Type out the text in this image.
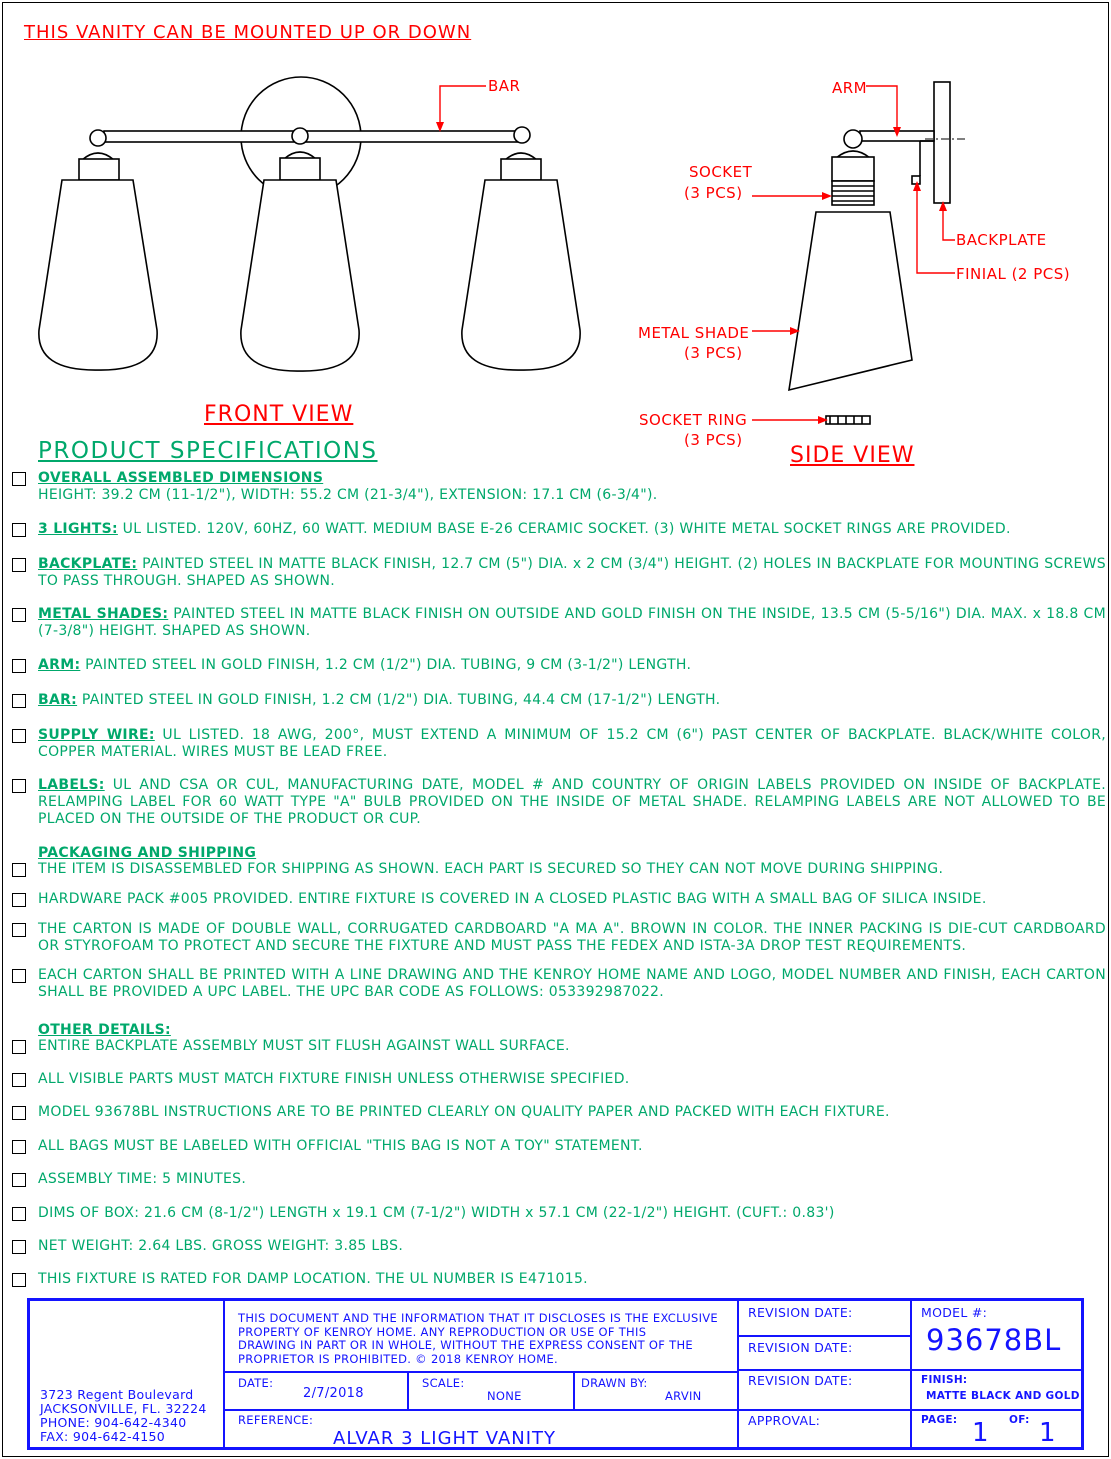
THIS VANITY CAN BE MOUNTED UP OR DOWN
BAR	ARM
SOCKET
(3 PCS)
BACKPLATE
FINIAL (2 PCS)
METAL SHADE
(3 PCS)
SOCKET RING
(3 PCS)
FRONT VIEW
SIDE VIEW
PRODUCT SPECIFICATIONS
OVERALL ASSEMBLED DIMENSIONS
HEIGHT: 39.2 CM (11-1/2"), WIDTH: 55.2 CM (21-3/4"), EXTENSION: 17.1 CM (6-3/4").
3 LIGHTS: UL LISTED. 120V, 60HZ, 60 WATT. MEDIUM BASE E-26 CERAMIC SOCKET. (3) WHITE METAL SOCKET RINGS ARE PROVIDED.
BACKPLATE: PAINTED STEEL IN MATTE BLACK FINISH, 12.7 CM (5") DIA. x 2 CM (3/4") HEIGHT. (2) HOLES IN BACKPLATE FOR MOUNTING SCREWS TO PASS THROUGH. SHAPED AS SHOWN.
METAL SHADES: PAINTED STEEL IN MATTE BLACK FINISH ON OUTSIDE AND GOLD FINISH ON THE INSIDE, 13.5 CM (5-5/16") DIA. MAX. x 18.8 CM (7-3/8") HEIGHT. SHAPED AS SHOWN.
ARM: PAINTED STEEL IN GOLD FINISH, 1.2 CM (1/2") DIA. TUBING, 9 CM (3-1/2") LENGTH.
BAR: PAINTED STEEL IN GOLD FINISH, 1.2 CM (1/2") DIA. TUBING, 44.4 CM (17-1/2") LENGTH.
SUPPLY WIRE: UL LISTED. 18 AWG, 200°, MUST EXTEND A MINIMUM OF 15.2 CM (6") PAST CENTER OF BACKPLATE. BLACK/WHITE COLOR, COPPER MATERIAL. WIRES MUST BE LEAD FREE.
LABELS: UL AND CSA OR CUL, MANUFACTURING DATE, MODEL # AND COUNTRY OF ORIGIN LABELS PROVIDED ON INSIDE OF BACKPLATE. RELAMPING LABEL FOR 60 WATT TYPE "A" BULB PROVIDED ON THE INSIDE OF METAL SHADE. RELAMPING LABELS ARE NOT ALLOWED TO BE PLACED ON THE OUTSIDE OF THE PRODUCT OR CUP.
PACKAGING AND SHIPPING
THE ITEM IS DISASSEMBLED FOR SHIPPING AS SHOWN. EACH PART IS SECURED SO THEY CAN NOT MOVE DURING SHIPPING.
HARDWARE PACK #005 PROVIDED. ENTIRE FIXTURE IS COVERED IN A CLOSED PLASTIC BAG WITH A SMALL BAG OF SILICA INSIDE.
THE CARTON IS MADE OF DOUBLE WALL, CORRUGATED CARDBOARD "A MA A". BROWN IN COLOR. THE INNER PACKING IS DIE-CUT CARDBOARD OR STYROFOAM TO PROTECT AND SECURE THE FIXTURE AND MUST PASS THE FEDEX AND ISTA-3A DROP TEST REQUIREMENTS.
EACH CARTON SHALL BE PRINTED WITH A LINE DRAWING AND THE KENROY HOME NAME AND LOGO, MODEL NUMBER AND FINISH, EACH CARTON SHALL BE PROVIDED A UPC LABEL. THE UPC BAR CODE AS FOLLOWS: 053392987022.
OTHER DETAILS:
ENTIRE BACKPLATE ASSEMBLY MUST SIT FLUSH AGAINST WALL SURFACE.
ALL VISIBLE PARTS MUST MATCH FIXTURE FINISH UNLESS OTHERWISE SPECIFIED.
MODEL 93678BL INSTRUCTIONS ARE TO BE PRINTED CLEARLY ON QUALITY PAPER AND PACKED WITH EACH FIXTURE.
ALL BAGS MUST BE LABELED WITH OFFICIAL "THIS BAG IS NOT A TOY" STATEMENT.
ASSEMBLY TIME: 5 MINUTES.
DIMS OF BOX: 21.6 CM (8-1/2") LENGTH x 19.1 CM (7-1/2") WIDTH x 57.1 CM (22-1/2") HEIGHT. (CUFT.: 0.83')
NET WEIGHT: 2.64 LBS. GROSS WEIGHT: 3.85 LBS.
THIS FIXTURE IS RATED FOR DAMP LOCATION. THE UL NUMBER IS E471015.
3723 Regent Boulevard
JACKSONVILLE, FL. 32224
PHONE: 904-642-4340
FAX: 904-642-4150
THIS DOCUMENT AND THE INFORMATION THAT IT DISCLOSES IS THE EXCLUSIVE
PROPERTY OF KENROY HOME. ANY REPRODUCTION OR USE OF THIS
DRAWING IN PART OR IN WHOLE, WITHOUT THE EXPRESS CONSENT OF THE
PROPRIETOR IS PROHIBITED. © 2018 KENROY HOME.
DATE:
2/7/2018
SCALE:
NONE
DRAWN BY:
ARVIN
REFERENCE:
ALVAR 3 LIGHT VANITY
REVISION DATE:
REVISION DATE:
REVISION DATE:
APPROVAL:
MODEL #:
93678BL
FINISH:
MATTE BLACK AND GOLD
PAGE: 1 OF: 1
